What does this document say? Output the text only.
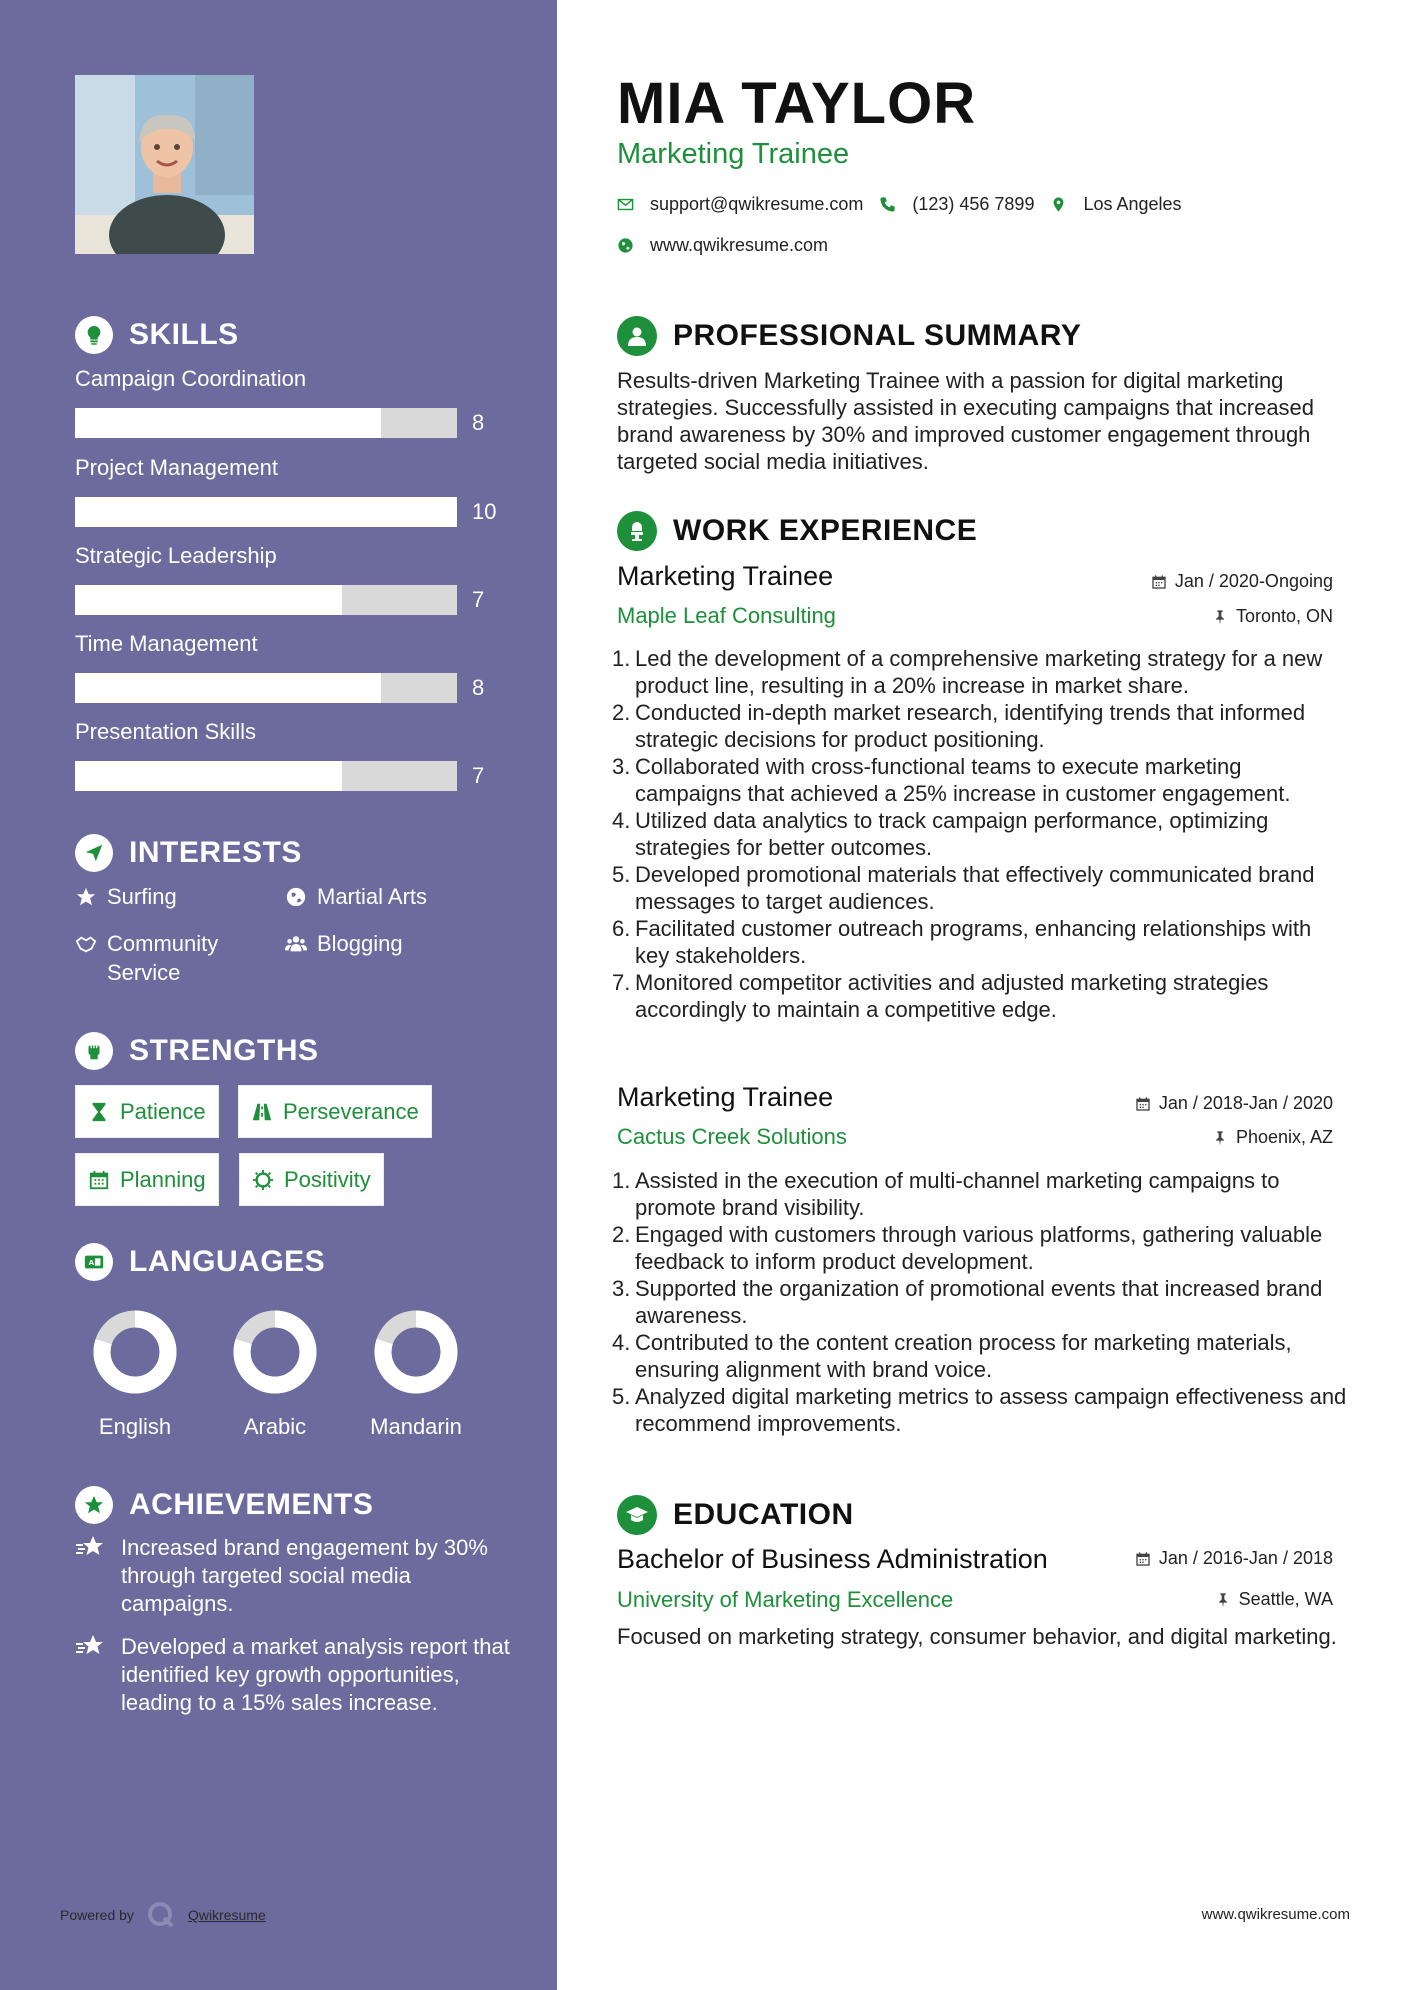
SKILLS
Campaign Coordination
8
Project Management
10
Strategic Leadership
7
Time Management
8
Presentation Skills
7
INTERESTS
Surfing	Martial Arts
Community Service
Blogging
STRENGTHS
Patience	Perseverance
Planning	Positivity
A LANGUAGES
English	Arabic	Mandarin
ACHIEVEMENTS
Increased brand engagement by 30% through targeted social media campaigns.
Developed a market analysis report that identified key growth opportunities, leading to a 15% sales increase.
Powered by	Qwikresume
MIA TAYLOR
Marketing Trainee
support@qwikresume.com	(123) 456 7899	Los Angeles
www.qwikresume.com
PROFESSIONAL SUMMARY
Results-driven Marketing Trainee with a passion for digital marketing strategies. Successfully assisted in executing campaigns that increased brand awareness by 30% and improved customer engagement through targeted social media initiatives.
WORK EXPERIENCE
Marketing Trainee	Jan / 2020-Ongoing
Maple Leaf Consulting	Toronto, ON
1. Led the development of a comprehensive marketing strategy for a new product line, resulting in a 20% increase in market share.
2. Conducted in-depth market research, identifying trends that informed strategic decisions for product positioning.
3. Collaborated with cross-functional teams to execute marketing campaigns that achieved a 25% increase in customer engagement.
4. Utilized data analytics to track campaign performance, optimizing strategies for better outcomes.
5. Developed promotional materials that effectively communicated brand messages to target audiences.
6. Facilitated customer outreach programs, enhancing relationships with key stakeholders.
7. Monitored competitor activities and adjusted marketing strategies accordingly to maintain a competitive edge.
Marketing Trainee	Jan / 2018-Jan / 2020
Cactus Creek Solutions	Phoenix, AZ
1. Assisted in the execution of multi-channel marketing campaigns to promote brand visibility.
2. Engaged with customers through various platforms, gathering valuable feedback to inform product development.
3. Supported the organization of promotional events that increased brand awareness.
4. Contributed to the content creation process for marketing materials, ensuring alignment with brand voice.
5. Analyzed digital marketing metrics to assess campaign effectiveness and recommend improvements.
EDUCATION
Bachelor of Business Administration	Jan / 2016-Jan / 2018
University of Marketing Excellence	Seattle, WA
Focused on marketing strategy, consumer behavior, and digital marketing.
www.qwikresume.com
